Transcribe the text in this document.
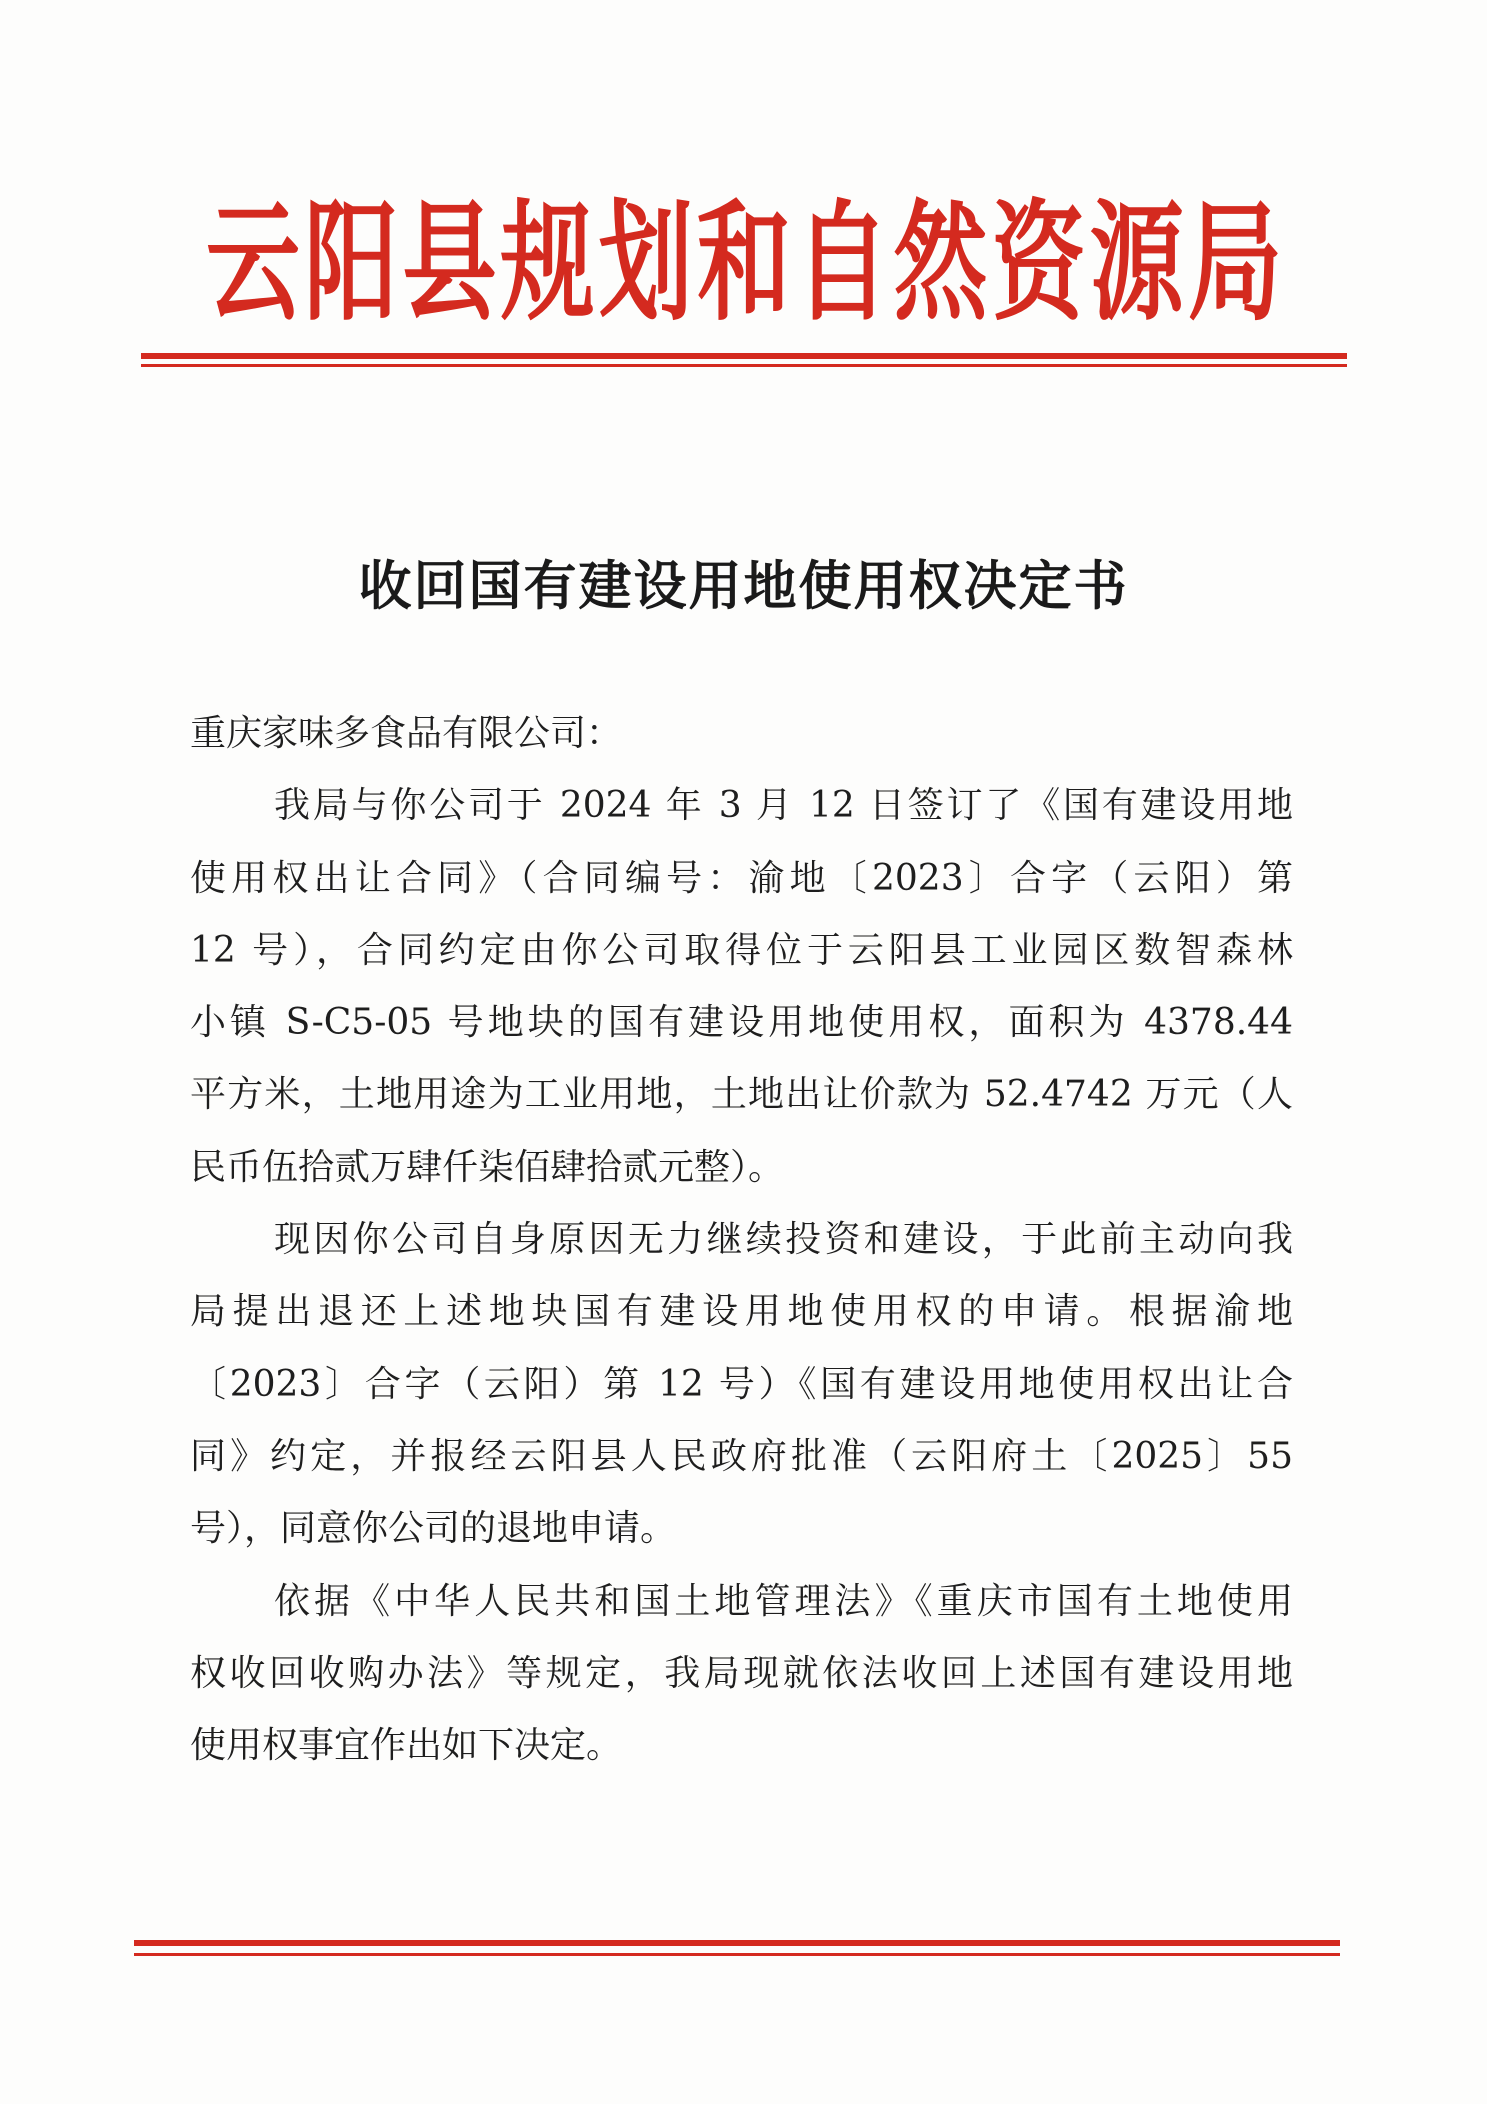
云阳县规划和自然资源局
收回国有建设用地使用权决定书
重庆家味多食品有限公司：
我局与你公司于 2024 年 3 月 12 日签订了《国有建设用地
使用权出让合同》（合同编号：渝地〔2023〕合字（云阳）第
12 号），合同约定由你公司取得位于云阳县工业园区数智森林
小镇 S-C5-05 号地块的国有建设用地使用权，面积为 4378.44
平方米，土地用途为工业用地，土地出让价款为 52.4742 万元（人
民币伍拾贰万肆仟柒佰肆拾贰元整）。
现因你公司自身原因无力继续投资和建设，于此前主动向我
局提出退还上述地块国有建设用地使用权的申请。根据渝地
〔2023〕合字（云阳）第 12 号）《国有建设用地使用权出让合
同》约定，并报经云阳县人民政府批准（云阳府土〔2025〕55
号），同意你公司的退地申请。
依据《中华人民共和国土地管理法》《重庆市国有土地使用
权收回收购办法》等规定，我局现就依法收回上述国有建设用地
使用权事宜作出如下决定。
